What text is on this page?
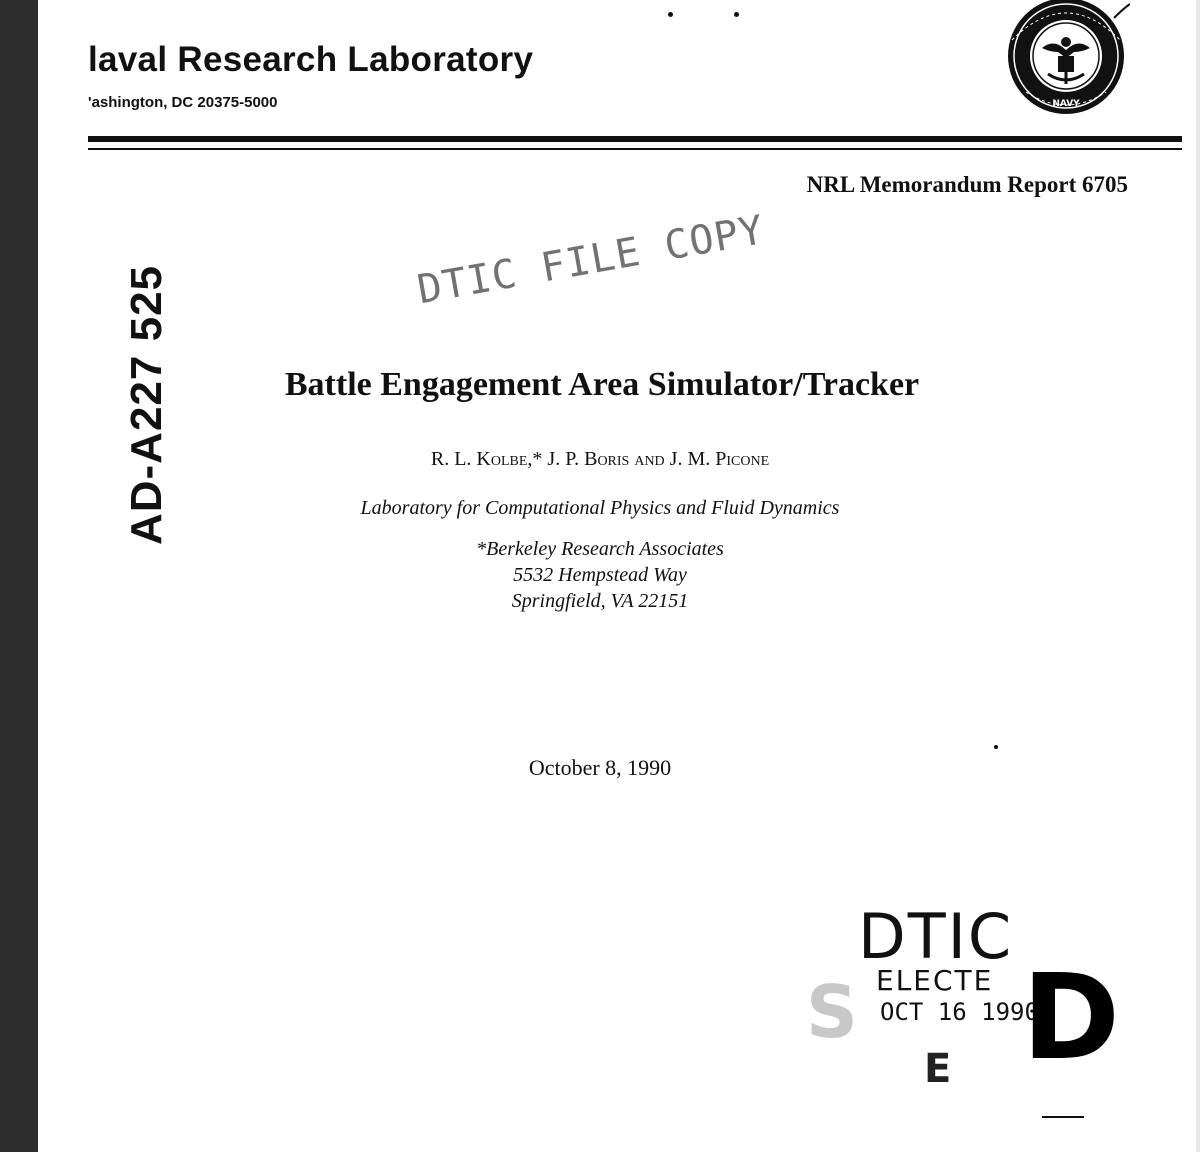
laval Research Laboratory
'ashington, DC 20375-5000	NAVY
NRL Memorandum Report 6705
AD-A227 525
DTIC FILE COPY
Battle Engagement Area Simulator/Tracker
R. L. Kolbe,* J. P. Boris and J. M. Picone
Laboratory for Computational Physics and Fluid Dynamics
*Berkeley Research Associates
5532 Hempstead Way
Springfield, VA 22151
October 8, 1990
S
DTIC
ELECTE
OCT 16 1990
D
E
